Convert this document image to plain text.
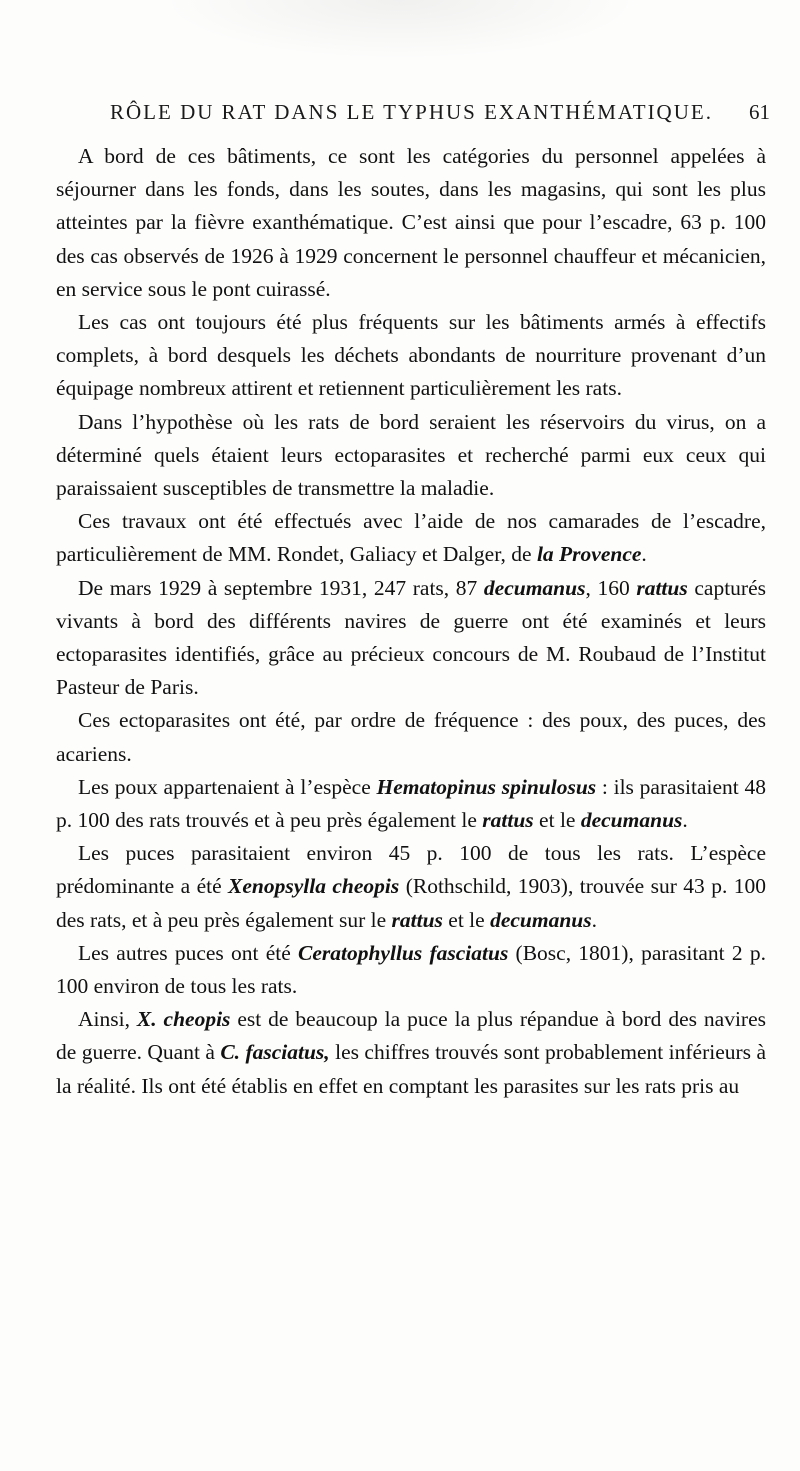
RÔLE DU RAT DANS LE TYPHUS EXANTHÉMATIQUE. 61

A bord de ces bâtiments, ce sont les catégories du personnel appelées à séjourner dans les fonds, dans les soutes, dans les magasins, qui sont les plus atteintes par la fièvre exanthématique. C’est ainsi que pour l’escadre, 63 p. 100 des cas observés de 1926 à 1929 concernent le personnel chauffeur et mécanicien, en service sous le pont cuirassé.

Les cas ont toujours été plus fréquents sur les bâtiments armés à effectifs complets, à bord desquels les déchets abondants de nourriture provenant d’un équipage nombreux attirent et retiennent particulièrement les rats.

Dans l’hypothèse où les rats de bord seraient les réservoirs du virus, on a déterminé quels étaient leurs ectoparasites et recherché parmi eux ceux qui paraissaient susceptibles de transmettre la maladie.

Ces travaux ont été effectués avec l’aide de nos camarades de l’escadre, particulièrement de MM. Rondet, Galiacy et Dalger, de la Provence.

De mars 1929 à septembre 1931, 247 rats, 87 decumanus, 160 rattus capturés vivants à bord des différents navires de guerre ont été examinés et leurs ectoparasites identifiés, grâce au précieux concours de M. Roubaud de l’Institut Pasteur de Paris.

Ces ectoparasites ont été, par ordre de fréquence : des poux, des puces, des acariens.

Les poux appartenaient à l’espèce Hematopinus spinulosus : ils parasitaient 48 p. 100 des rats trouvés et à peu près également le rattus et le decumanus.

Les puces parasitaient environ 45 p. 100 de tous les rats. L’espèce prédominante a été Xenopsylla cheopis (Rothschild, 1903), trouvée sur 43 p. 100 des rats, et à peu près également sur le rattus et le decumanus.

Les autres puces ont été Ceratophyllus fasciatus (Bosc, 1801), parasitant 2 p. 100 environ de tous les rats.

Ainsi, X. cheopis est de beaucoup la puce la plus répandue à bord des navires de guerre. Quant à C. fasciatus, les chiffres trouvés sont probablement inférieurs à la réalité. Ils ont été établis en effet en comptant les parasites sur les rats pris au
